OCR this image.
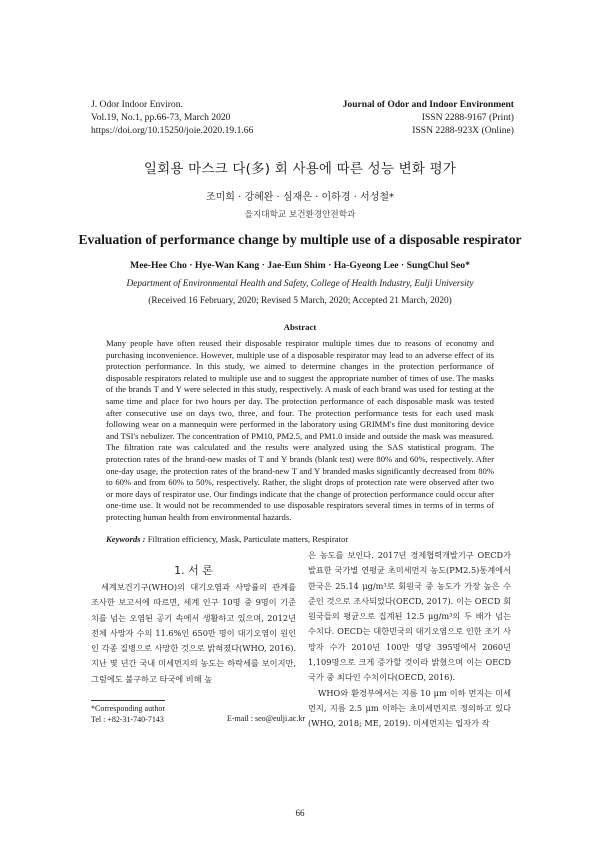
J. Odor Indoor Environ.
Vol.19, No.1, pp.66-73, March 2020
https://doi.org/10.15250/joie.2020.19.1.66
Journal of Odor and Indoor Environment
ISSN 2288-9167 (Print)
ISSN 2288-923X (Online)
일회용 마스크 다(多) 회 사용에 따른 성능 변화 평가
조미희 · 강혜완 · 심재은 · 이하경 · 서성철*
을지대학교 보건환경안전학과
Evaluation of performance change by multiple use of a disposable respirator
Mee-Hee Cho · Hye-Wan Kang · Jae-Eun Shim · Ha-Gyeong Lee · SungChul Seo*
Department of Environmental Health and Safety, College of Health Industry, Eulji University
(Received 16 February, 2020; Revised 5 March, 2020; Accepted 21 March, 2020)
Abstract
Many people have often reused their disposable respirator multiple times due to reasons of economy and purchasing inconvenience. However, multiple use of a disposable respirator may lead to an adverse effect of its protection performance. In this study, we aimed to determine changes in the protection performance of disposable respirators related to multiple use and to suggest the appropriate number of times of use. The masks of the brands T and Y were selected in this study, respectively. A mask of each brand was used for testing at the same time and place for two hours per day. The protection performance of each disposable mask was tested after consecutive use on days two, three, and four. The protection performance tests for each used mask following wear on a mannequin were performed in the laboratory using GRIMM's fine dust monitoring device and TSI's nebulizer. The concentration of PM10, PM2.5, and PM1.0 inside and outside the mask was measured. The filtration rate was calculated and the results were analyzed using the SAS statistical program. The protection rates of the brand-new masks of T and Y brands (blank test) were 80% and 60%, respectively. After one-day usage, the protection rates of the brand-new T and Y branded masks significantly decreased from 80% to 60% and from 60% to 50%, respectively. Rather, the slight drops of protection rate were observed after two or more days of respirator use. Our findings indicate that the change of protection performance could occur after one-time use. It would not be recommended to use disposable respirators several times in terms of in terms of protecting human health from environmental hazards.
Keywords : Filtration efficiency, Mask, Particulate matters, Respirator
1. 서 론
세계보건기구(WHO)의 대기오염과 사망률의 관계를 조사한 보고서에 따르면, 세계 인구 10명 중 9명이 기준치를 넘는 오염된 공기 속에서 생활하고 있으며, 2012년 전체 사망자 수의 11.6%인 650만 명이 대기오염이 원인인 각종 질병으로 사망한 것으로 밝혀졌다(WHO, 2016). 지난 몇 년간 국내 미세먼지의 농도는 하락세를 보이지만, 그럼에도 불구하고 타국에 비해 높

은 농도를 보인다. 2017년 경제협력개발기구 OECD가 발표한 국가별 연평균 초미세먼지 농도(PM2.5)통계에서 한국은 25.14 μg/m³로 회원국 중 농도가 가장 높은 수준인 것으로 조사되었다(OECD, 2017). 이는 OECD 회원국들의 평균으로 집계된 12.5 μg/m³의 두 배가 넘는 수치다. OECD는 대한민국의 대기오염으로 인한 조기 사망자 수가 2010년 100만 명당 395명에서 2060년 1,109명으로 크게 증가할 것이라 밝혔으며 이는 OECD 국가 중 최다인 수치이다(OECD, 2016).

WHO와 환경부에서는 지름 10 μm 이하 먼지는 미세먼지, 지름 2.5 μm 이하는 초미세먼지로 정의하고 있다(WHO, 2018; ME, 2019). 미세먼지는 입자가 작

*Corresponding author
Tel : +82-31-740-7143	E-mail : seo@eulji.ac.kr
66
